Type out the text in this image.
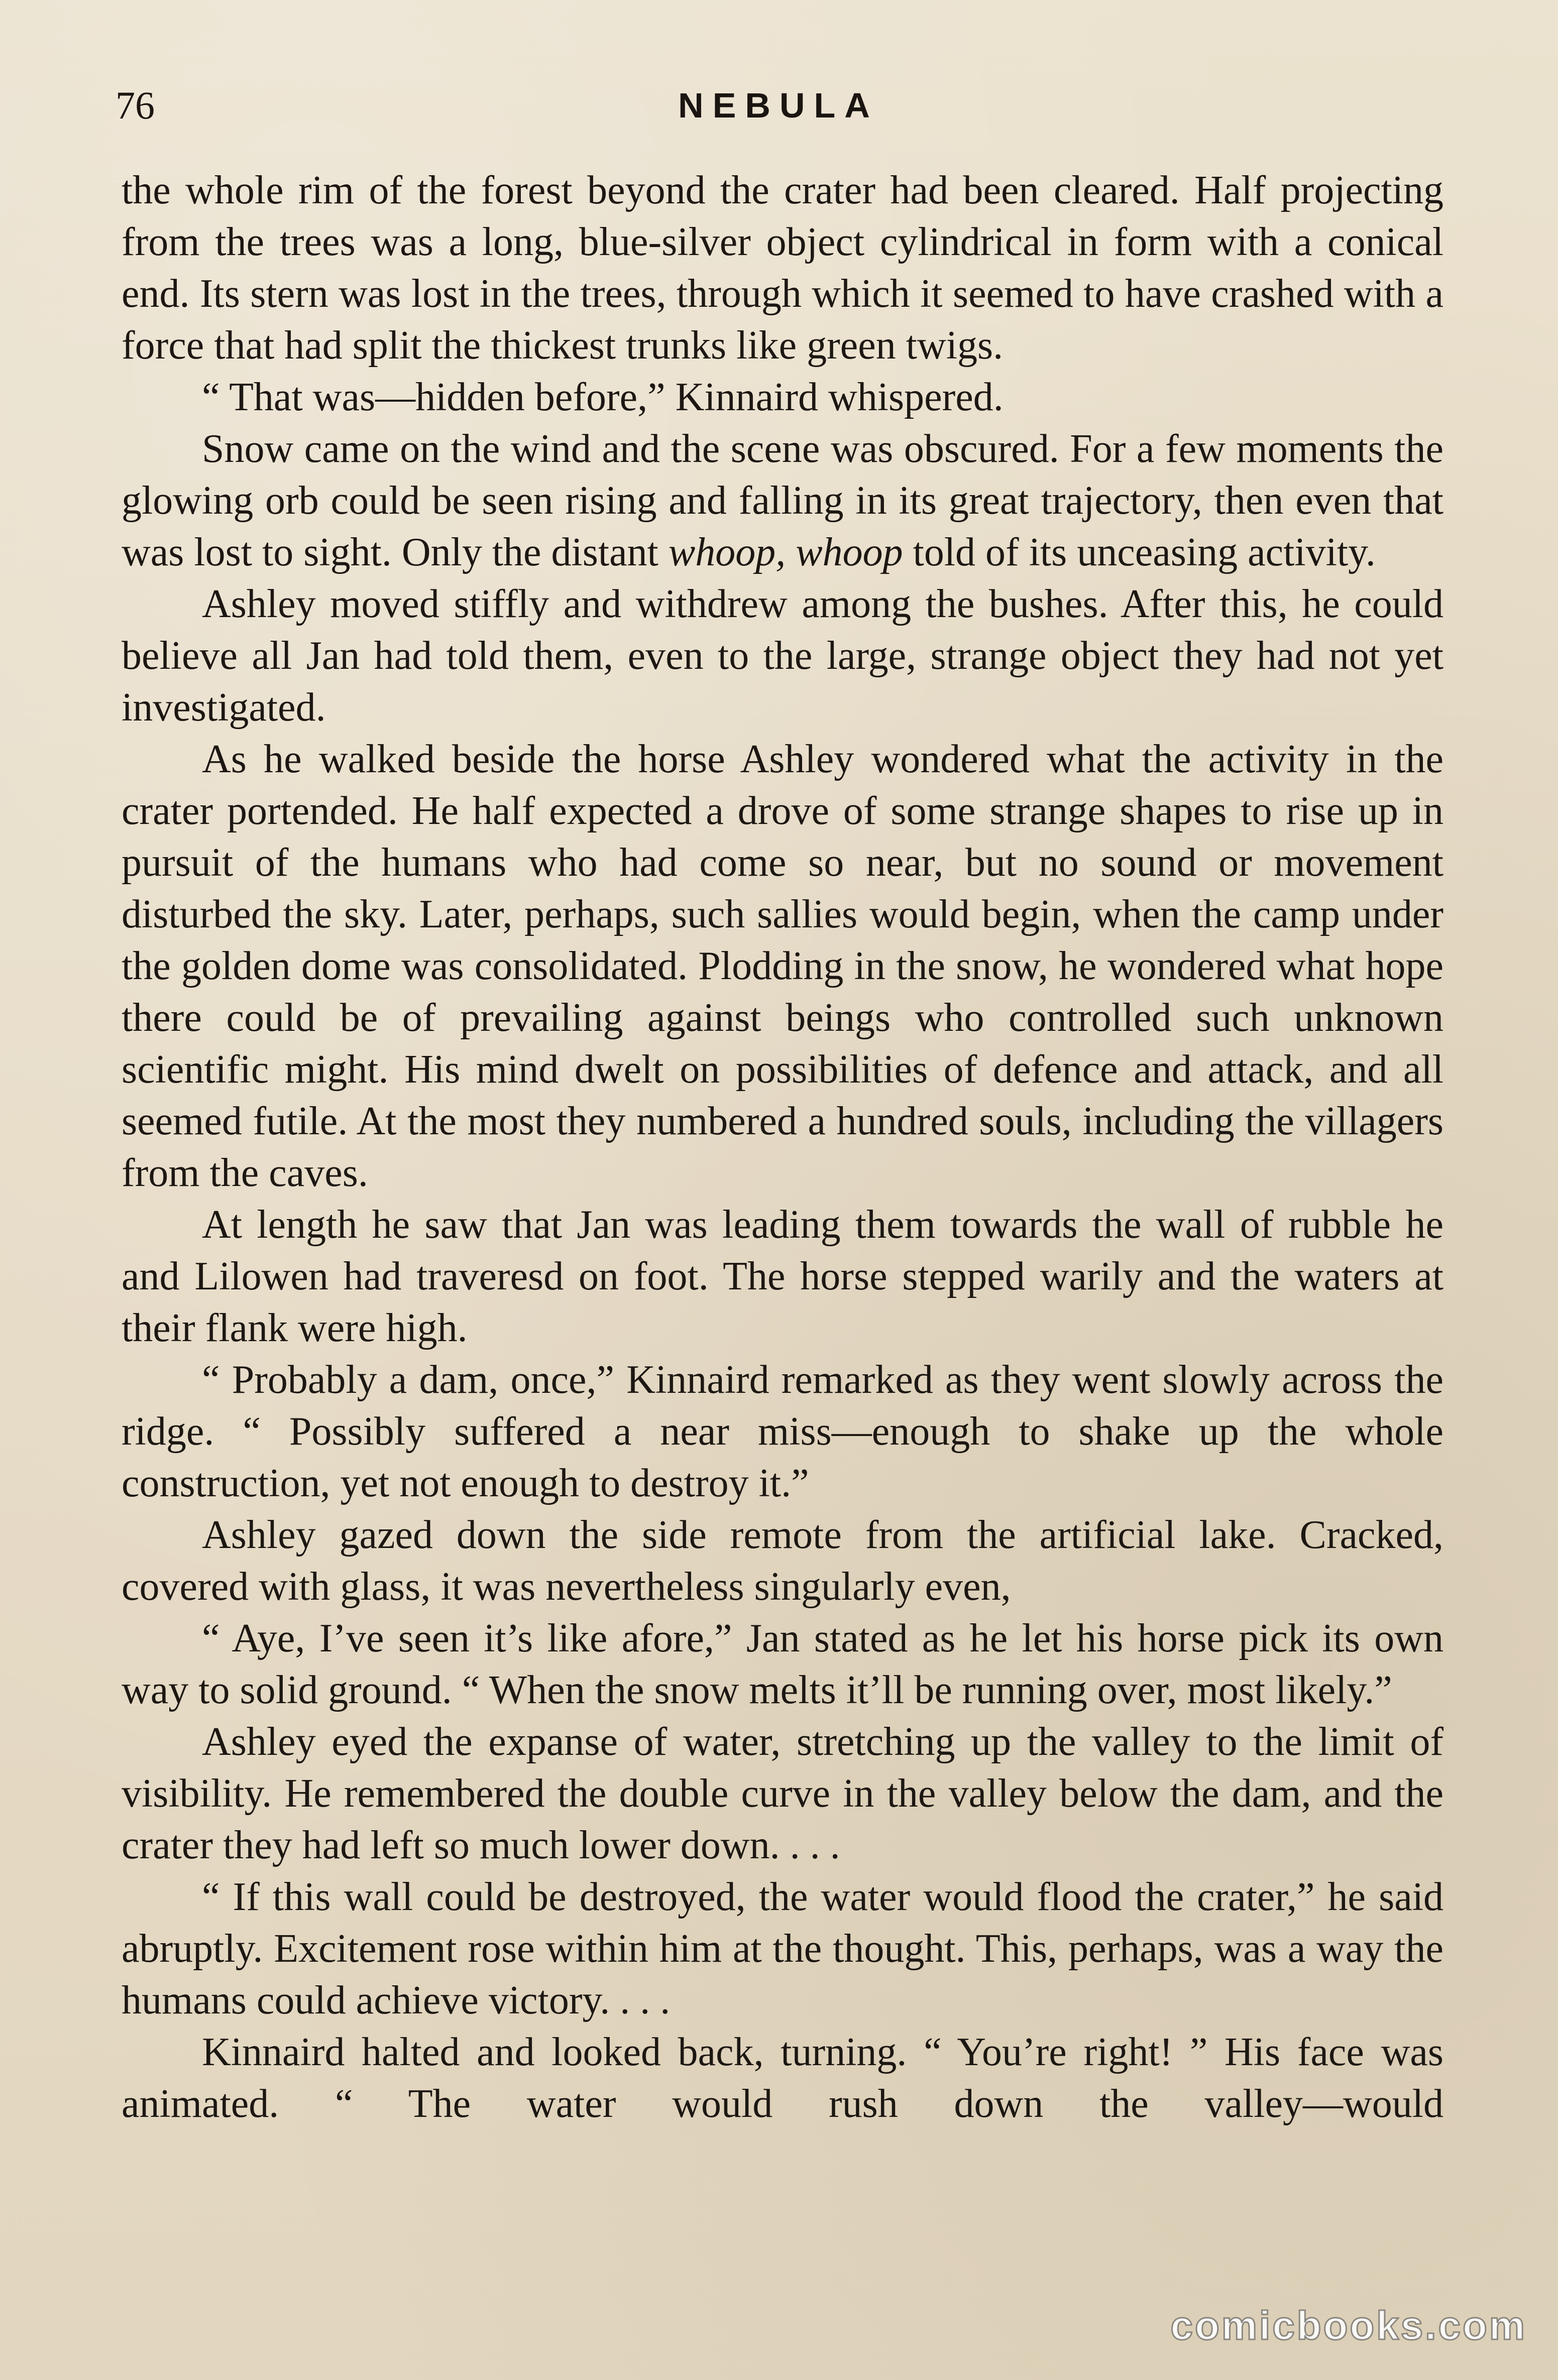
76	NEBULA

the whole rim of the forest beyond the crater had been cleared. Half projecting from the trees was a long, blue-silver object cylindrical in form with a conical end. Its stern was lost in the trees, through which it seemed to have crashed with a force that had split the thickest trunks like green twigs.

“ That was—hidden before,” Kinnaird whispered.

Snow came on the wind and the scene was obscured. For a few moments the glowing orb could be seen rising and falling in its great trajectory, then even that was lost to sight. Only the distant whoop, whoop told of its unceasing activity.

Ashley moved stiffly and withdrew among the bushes. After this, he could believe all Jan had told them, even to the large, strange object they had not yet investigated.

As he walked beside the horse Ashley wondered what the activity in the crater portended. He half expected a drove of some strange shapes to rise up in pursuit of the humans who had come so near, but no sound or movement disturbed the sky. Later, perhaps, such sallies would begin, when the camp under the golden dome was consolidated. Plodding in the snow, he wondered what hope there could be of prevailing against beings who controlled such unknown scientific might. His mind dwelt on possibilities of defence and attack, and all seemed futile. At the most they numbered a hundred souls, including the villagers from the caves.

At length he saw that Jan was leading them towards the wall of rubble he and Lilowen had traveresd on foot. The horse stepped warily and the waters at their flank were high.

“ Probably a dam, once,” Kinnaird remarked as they went slowly across the ridge. “ Possibly suffered a near miss—enough to shake up the whole construction, yet not enough to destroy it.”

Ashley gazed down the side remote from the artificial lake. Cracked, covered with glass, it was nevertheless singularly even,

“ Aye, I’ve seen it’s like afore,” Jan stated as he let his horse pick its own way to solid ground. “ When the snow melts it’ll be running over, most likely.”

Ashley eyed the expanse of water, stretching up the valley to the limit of visibility. He remembered the double curve in the valley below the dam, and the crater they had left so much lower down. . . .

“ If this wall could be destroyed, the water would flood the crater,” he said abruptly. Excitement rose within him at the thought. This, perhaps, was a way the humans could achieve victory. . . .

Kinnaird halted and looked back, turning. “ You’re right! ” His face was animated. “ The water would rush down the valley—would

comicbooks.com
